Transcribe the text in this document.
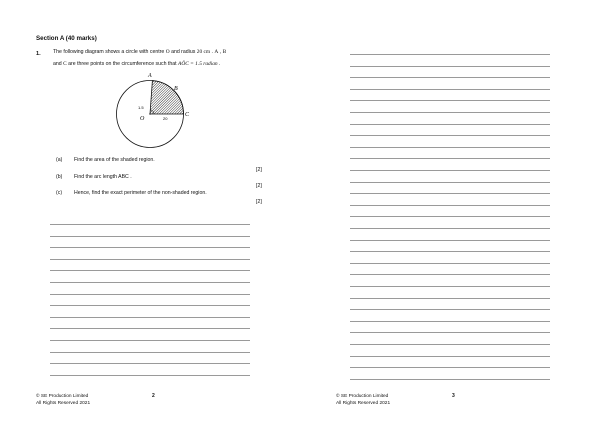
Section A (40 marks)
1. The following diagram shows a circle with centre O and radius 20 cm . A , B
and C are three points on the circumference such that AÔC = 1.5 radian .
A
B
C
O
1.5
20
(a) Find the area of the shaded region.
[2]
(b) Find the arc length ABC .
[2]
(c) Hence, find the exact perimeter of the non-shaded region.
[2]
© SE Production Limited
All Rights Reserved 2021
2	© SE Production Limited
All Rights Reserved 2021
3
